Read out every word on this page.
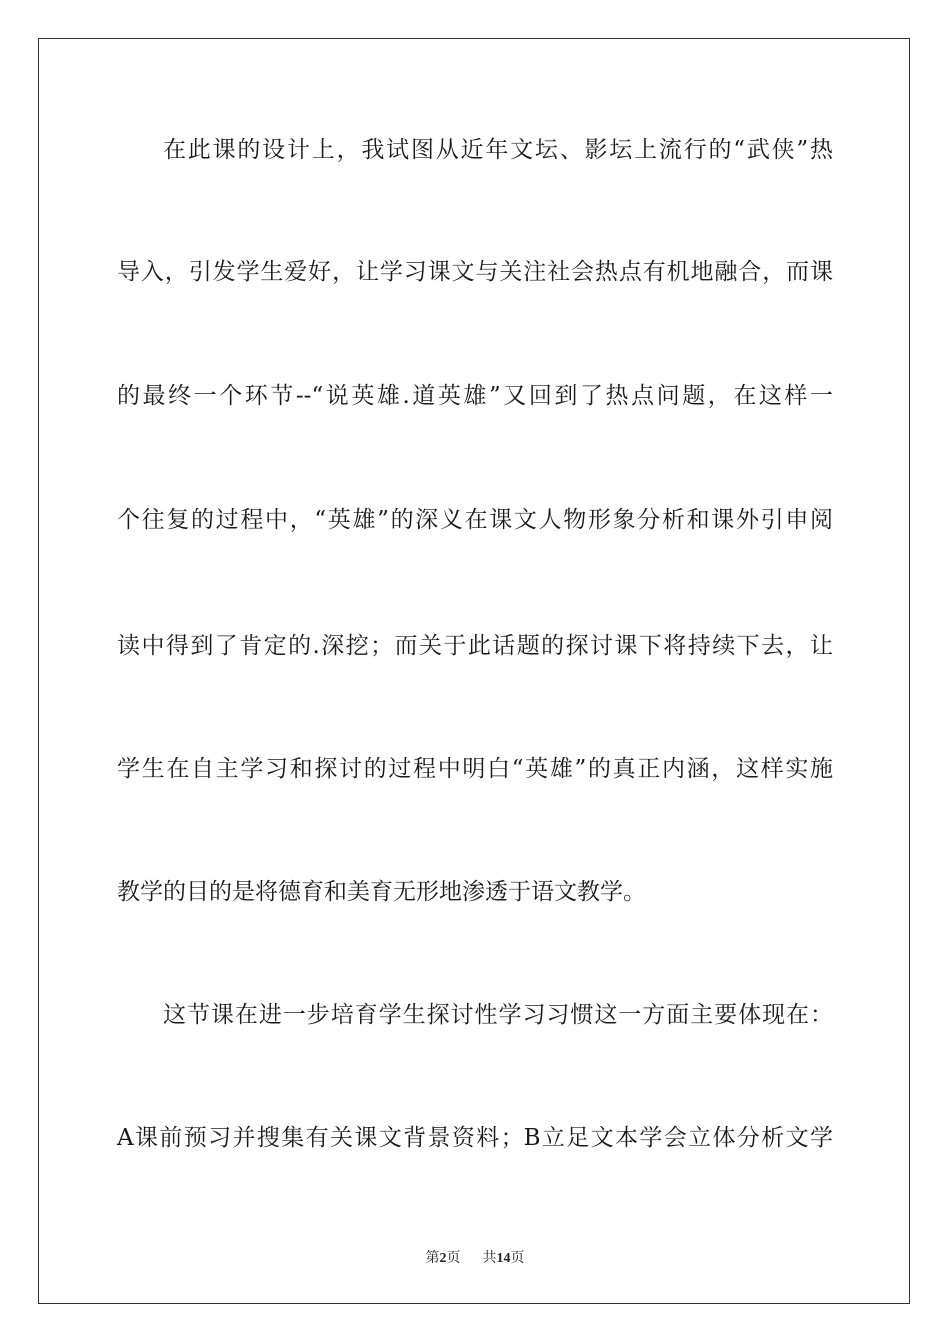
在此课的设计上，我试图从近年文坛、影坛上流行的“武侠”热
导入，引发学生爱好，让学习课文与关注社会热点有机地融合，而课
的最终一个环节--“说英雄.道英雄”又回到了热点问题，在这样一
个往复的过程中，“英雄”的深义在课文人物形象分析和课外引申阅
读中得到了肯定的.深挖；而关于此话题的探讨课下将持续下去，让
学生在自主学习和探讨的过程中明白“英雄”的真正内涵，这样实施
教学的目的是将德育和美育无形地渗透于语文教学。
这节课在进一步培育学生探讨性学习习惯这一方面主要体现在：
A课前预习并搜集有关课文背景资料；B立足文本学会立体分析文学
第2页 共14页
